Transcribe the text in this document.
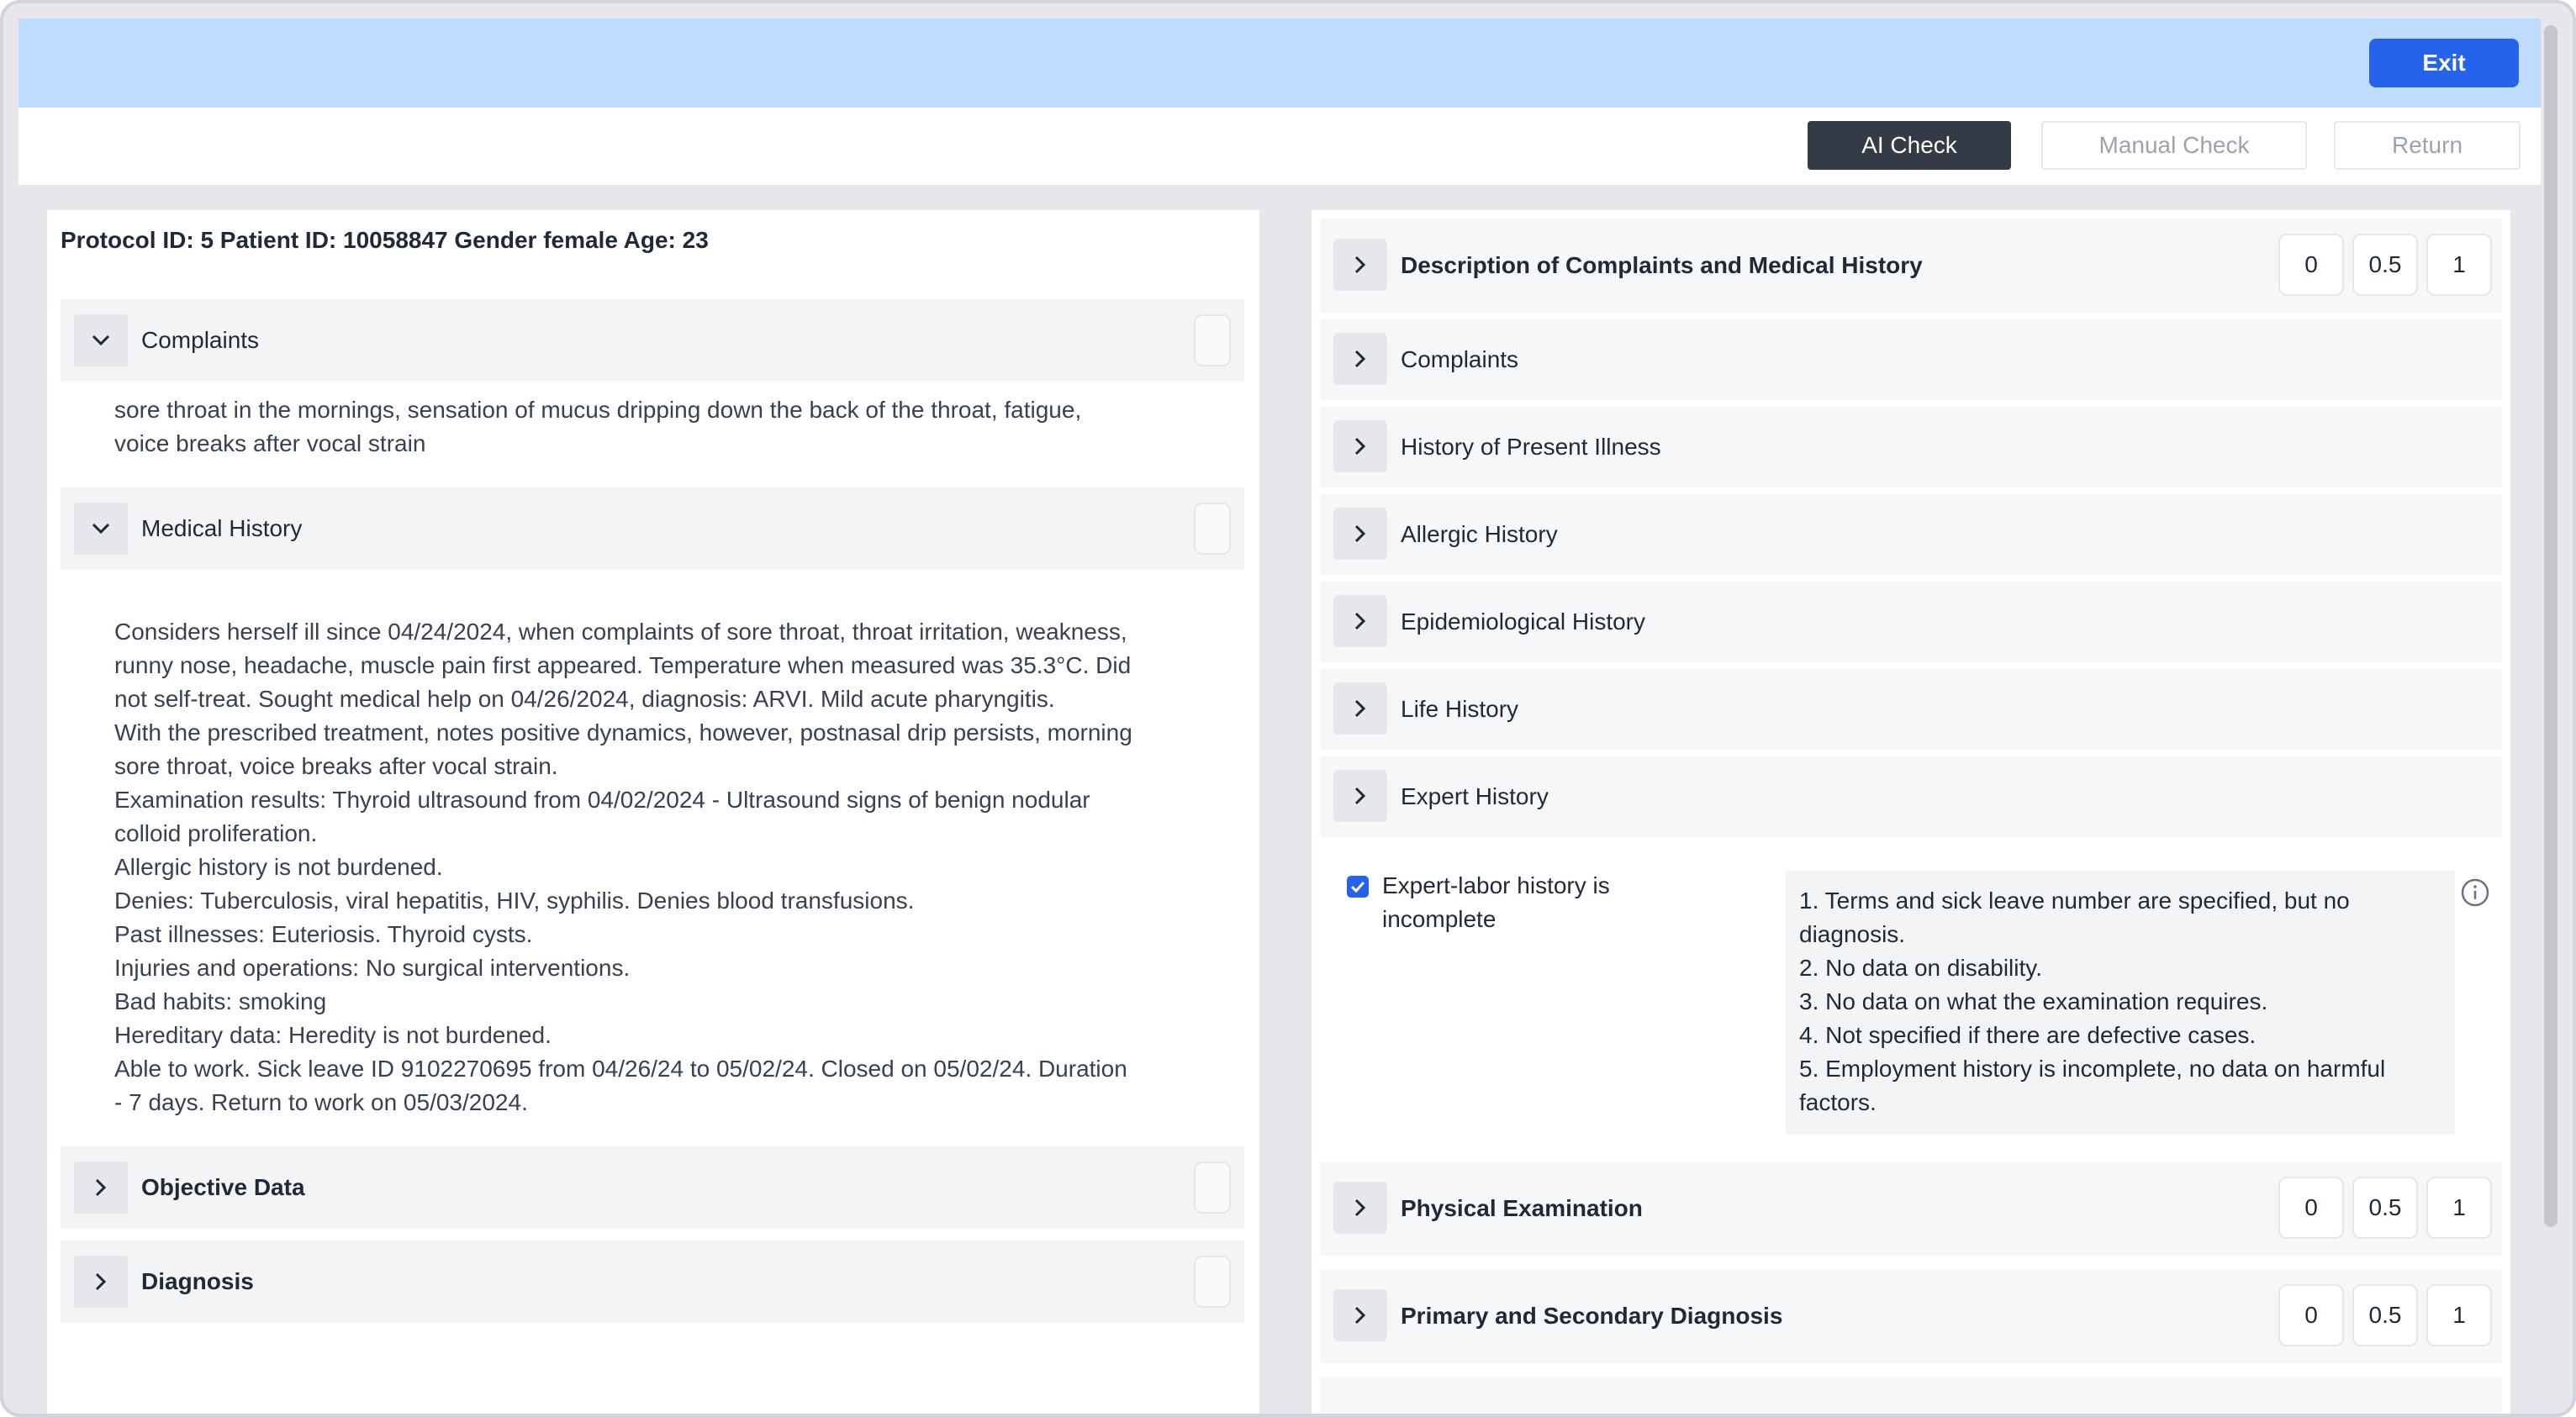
Exit
AI Check	Manual Check	Return
Protocol ID: 5 Patient ID: 10058847 Gender female Age: 23
Complaints

sore throat in the mornings, sensation of mucus dripping down the back of the throat, fatigue,

voice breaks after vocal strain

Medical History

Considers herself ill since 04/24/2024, when complaints of sore throat, throat irritation, weakness,

runny nose, headache, muscle pain first appeared. Temperature when measured was 35.3°C. Did

not self-treat. Sought medical help on 04/26/2024, diagnosis: ARVI. Mild acute pharyngitis.

With the prescribed treatment, notes positive dynamics, however, postnasal drip persists, morning

sore throat, voice breaks after vocal strain.

Examination results: Thyroid ultrasound from 04/02/2024 - Ultrasound signs of benign nodular

colloid proliferation.

Allergic history is not burdened.

Denies: Tuberculosis, viral hepatitis, HIV, syphilis. Denies blood transfusions.

Past illnesses: Euteriosis. Thyroid cysts.

Injuries and operations: No surgical interventions.

Bad habits: smoking

Hereditary data: Heredity is not burdened.

Able to work. Sick leave ID 9102270695 from 04/26/24 to 05/02/24. Closed on 05/02/24. Duration

- 7 days. Return to work on 05/03/2024.

Objective Data
Diagnosis
Description of Complaints and Medical History	0	0.5	1
Complaints
History of Present Illness
Allergic History
Epidemiological History
Life History
Expert History
Physical Examination	0	0.5	1
Primary and Secondary Diagnosis	0	0.5	1

Expert-labor history is

incomplete

1. Terms and sick leave number are specified, but no

diagnosis.

2. No data on disability.

3. No data on what the examination requires.

4. Not specified if there are defective cases.

5. Employment history is incomplete, no data on harmful

factors.
